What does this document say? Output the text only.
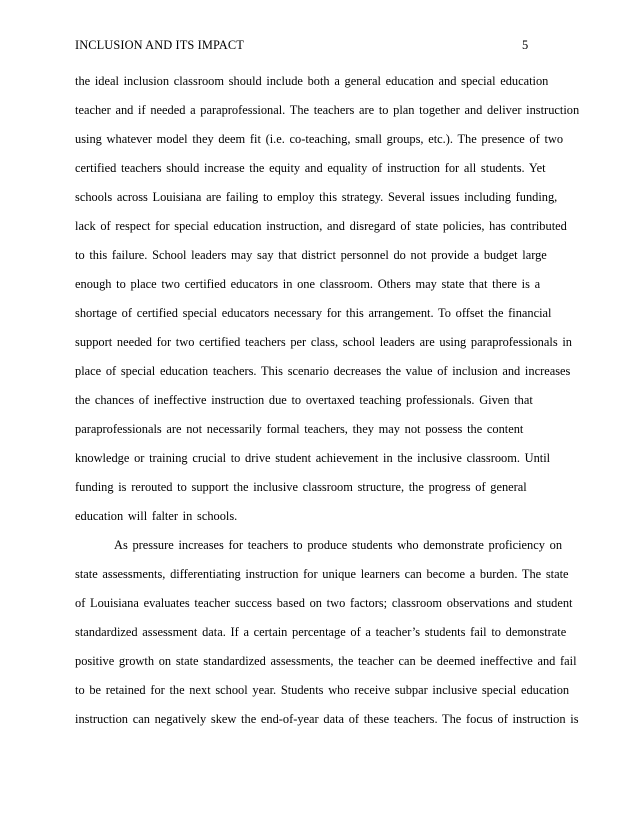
INCLUSION AND ITS IMPACT	5
the ideal inclusion classroom should include both a general education and special education
teacher and if needed a paraprofessional. The teachers are to plan together and deliver instruction
using whatever model they deem fit (i.e. co-teaching, small groups, etc.). The presence of two
certified teachers should increase the equity and equality of instruction for all students. Yet
schools across Louisiana are failing to employ this strategy. Several issues including funding,
lack of respect for special education instruction, and disregard of state policies, has contributed
to this failure. School leaders may say that district personnel do not provide a budget large
enough to place two certified educators in one classroom. Others may state that there is a
shortage of certified special educators necessary for this arrangement. To offset the financial
support needed for two certified teachers per class, school leaders are using paraprofessionals in
place of special education teachers. This scenario decreases the value of inclusion and increases
the chances of ineffective instruction due to overtaxed teaching professionals. Given that
paraprofessionals are not necessarily formal teachers, they may not possess the content
knowledge or training crucial to drive student achievement in the inclusive classroom. Until
funding is rerouted to support the inclusive classroom structure, the progress of general
education will falter in schools.
As pressure increases for teachers to produce students who demonstrate proficiency on
state assessments, differentiating instruction for unique learners can become a burden. The state
of Louisiana evaluates teacher success based on two factors; classroom observations and student
standardized assessment data. If a certain percentage of a teacher’s students fail to demonstrate
positive growth on state standardized assessments, the teacher can be deemed ineffective and fail
to be retained for the next school year. Students who receive subpar inclusive special education
instruction can negatively skew the end-of-year data of these teachers. The focus of instruction is
